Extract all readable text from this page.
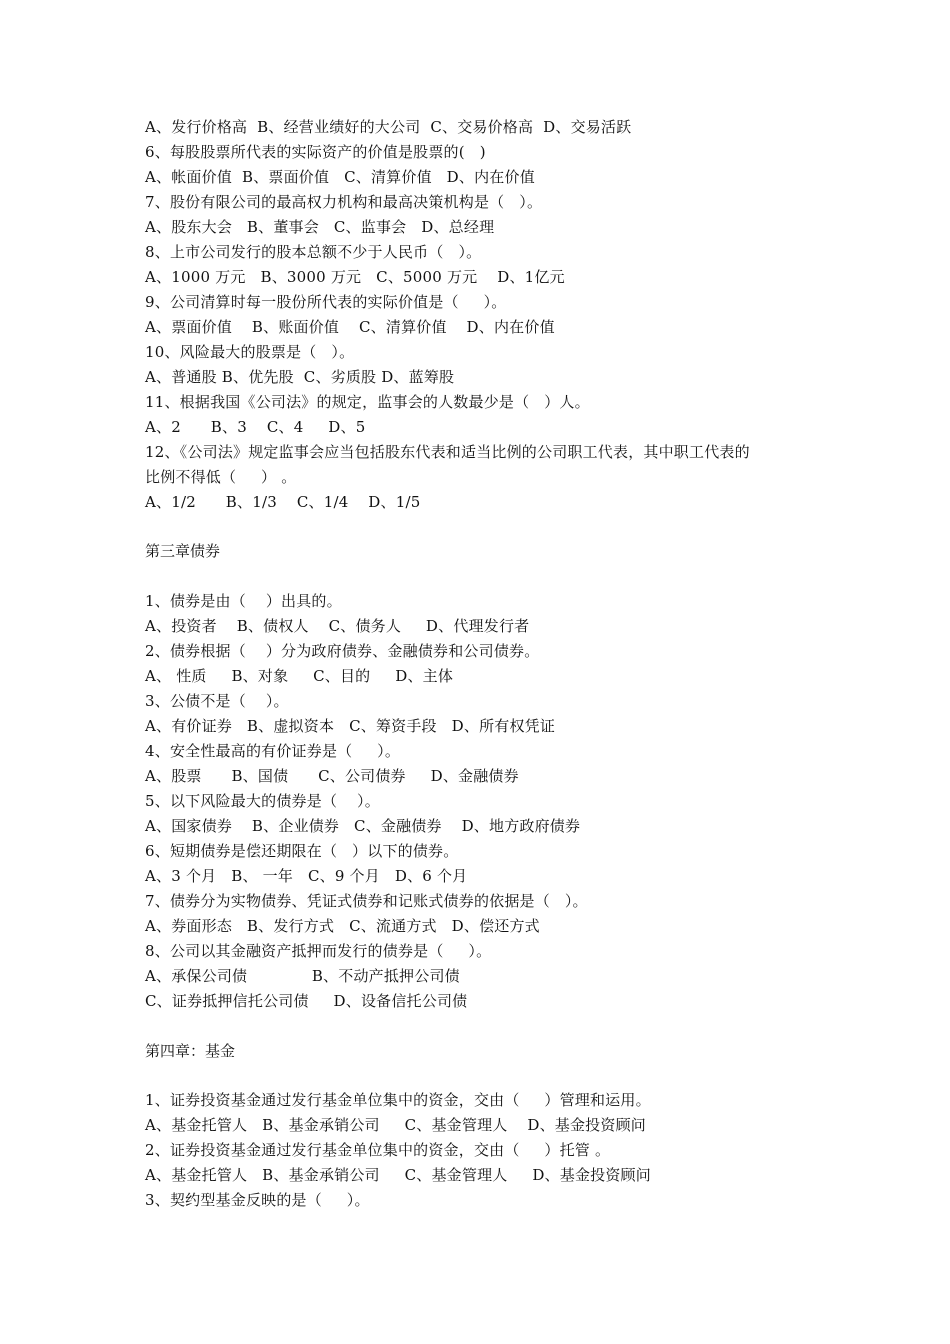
A、发行价格高  B、经营业绩好的大公司  C、交易价格高  D、交易活跃
6、每股股票所代表的实际资产的价值是股票的(   )
A、帐面价值  B、票面价值   C、清算价值   D、内在价值
7、股份有限公司的最高权力机构和最高决策机构是（   ）。
A、股东大会   B、董事会   C、监事会   D、总经理
8、上市公司发行的股本总额不少于人民币（   ）。
A、1000 万元   B、3000 万元   C、5000 万元    D、1亿元
9、公司清算时每一股份所代表的实际价值是（     ）。
A、票面价值    B、账面价值    C、清算价值    D、内在价值
10、风险最大的股票是（   ）。
A、普通股 B、优先股  C、劣质股 D、蓝筹股
11、根据我国《公司法》的规定，监事会的人数最少是（   ）人。
A、2      B、3    C、4     D、5
12、《公司法》规定监事会应当包括股东代表和适当比例的公司职工代表，其中职工代表的
比例不得低（     ） 。
A、1/2      B、1/3    C、1/4    D、1/5
第三章债券
1、债券是由（    ）出具的。
A、投资者    B、债权人    C、债务人     D、代理发行者
2、债券根据（    ）分为政府债券、金融债券和公司债券。
A、 性质     B、对象     C、目的     D、主体
3、公债不是（    ）。
A、有价证券   B、虚拟资本   C、筹资手段   D、所有权凭证
4、安全性最高的有价证券是（     ）。
A、股票      B、国债      C、公司债券     D、金融债券
5、以下风险最大的债券是（    ）。
A、国家债券    B、企业债券   C、金融债券    D、地方政府债券
6、短期债券是偿还期限在（   ）以下的债券。
A、3 个月   B、 一年   C、9 个月   D、6 个月
7、债券分为实物债券、凭证式债券和记账式债券的依据是（   ）。
A、券面形态   B、发行方式   C、流通方式   D、偿还方式
8、公司以其金融资产抵押而发行的债券是（     ）。
A、承保公司债             B、不动产抵押公司债
C、证券抵押信托公司债     D、设备信托公司债
第四章：基金
1、证券投资基金通过发行基金单位集中的资金，交由（     ）管理和运用。
A、基金托管人   B、基金承销公司     C、基金管理人    D、基金投资顾问
2、证券投资基金通过发行基金单位集中的资金，交由（     ）托管 。
A、基金托管人   B、基金承销公司     C、基金管理人     D、基金投资顾问
3、契约型基金反映的是（     ）。
